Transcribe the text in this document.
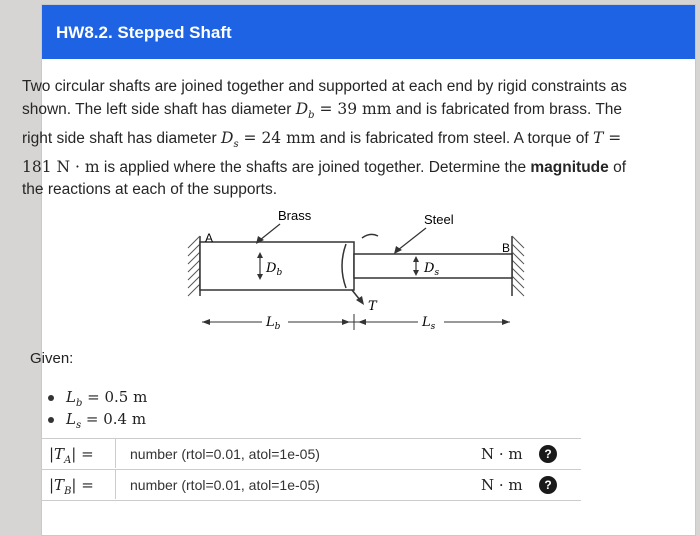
HW8.2. Stepped Shaft
Two circular shafts are joined together and supported at each end by rigid constraints as shown. The left side shaft has diameter $D_b = 39$ mm and is fabricated from brass. The right side shaft has diameter $D_s = 24$ mm and is fabricated from steel. A torque of T = 181 N · m is applied where the shafts are joined together. Determine the magnitude of the reactions at each of the supports.
A
B
Brass	Steel
$D_b$	$D_s$
T
$L_b$	$L_s$
Given:
$L_b = 0.5$ m
$L_s = 0.4$ m
$|T_A|$ =	number (rtol=0.01, atol=1e-05)	N · m	?
$|T_B|$ =	number (rtol=0.01, atol=1e-05)	N · m	?
